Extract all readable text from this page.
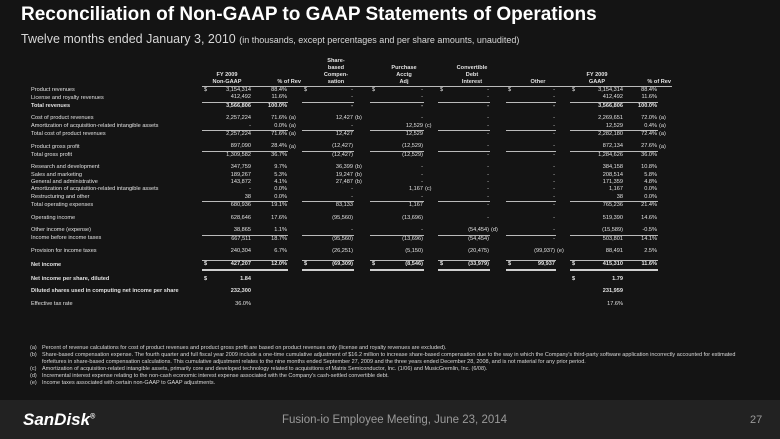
Reconciliation of Non-GAAP to GAAP Statements of Operations
Twelve months ended January 3, 2010 (in thousands, except percentages and per share amounts, unaudited)
					Share-															
					based			Purchase			Convertible									
	FY 2009				Compen-			Acctg			Debt						FY 2009			
	Non-GAAP		% of Rev		sation			Adj			Interest			Other			GAAP		% of Rev	
Product revenues	$	3,154,314	88.4%		$	-		$	-		$	-		$	-		$	3,154,314	88.4%	
License and royalty revenues		412,492	11.6%			-			-			-			-			412,492	11.6%	
Total revenues		3,566,806	100.0%			-			-			-			-			3,566,806	100.0%	

Cost of product revenues		2,257,224	71.6%	(a)		12,427	(b)		-			-			-			2,269,651	72.0%	(a)
Amortization of acquisition-related intangible assets		-	0.0%	(a)		-			12,529	(c)		-			-			12,529	0.4%	(a)
Total cost of product revenues		2,257,224	71.6%	(a)		12,427			12,529			-			-			2,282,180	72.4%	(a)

Product gross profit		897,090	28.4%	(a)		(12,427)			(12,529)			-			-			872,134	27.6%	(a)
Total gross profit		1,309,582	36.7%			(12,427)			(12,529)			-			-			1,284,626	36.0%	

Research and development		347,759	9.7%			36,399	(b)		-			-			-			384,158	10.8%	
Sales and marketing		189,267	5.3%			19,247	(b)		-			-			-			208,514	5.8%	
General and administrative		143,872	4.1%			27,487	(b)		-			-			-			171,359	4.8%	
Amortization of acquisition-related intangible assets		-	0.0%			-			1,167	(c)		-			-			1,167	0.0%	
Restructuring and other		38	0.0%			-			-			-			-			38	0.0%	
Total operating expenses		680,936	19.1%			83,133			1,167			-			-			765,236	21.4%	

Operating income		628,646	17.6%			(95,560)			(13,696)			-			-			519,390	14.6%	

Other income (expense)		38,865	1.1%			-			-			(54,454)	(d)		-			(15,589)	-0.5%	
Income before income taxes		667,511	18.7%			(95,560)			(13,696)			(54,454)			-			503,801	14.1%	

Provision for income taxes		240,304	6.7%			(26,251)			(5,150)			(20,475)			(99,937)	(e)		88,491	2.5%	

Net income	$	427,207	12.0%		$	(69,309)		$	(8,546)		$	(33,979)		$	99,937		$	415,310	11.6%	

Net income per share, diluted	$	1.84															$	1.79		

Diluted shares used in computing net income per share		232,300																231,959		

Effective tax rate		36.0%																17.6%		
(a) Percent of revenue calculations for cost of product revenues and product gross profit are based on product revenues only (license and royalty revenues are excluded).
(b) Share-based compensation expense. The fourth quarter and full fiscal year 2009 include a one-time cumulative adjustment of $16.2 million to increase share-based compensation due to the way in which the Company's third-party software application incorrectly accounted for estimated forfeitures in share-based compensation calculations. This cumulative adjustment relates to the nine months ended September 27, 2009 and the three years ended December 28, 2008, and is not material for any prior period.
(c)	Amortization of acquisition-related intangible assets, primarily core and developed technology related to acquisitions of Matrix Semiconductor, Inc. (1/06) and MusicGremlin, Inc. (6/08).
(d) Incremental interest expense relating to the non-cash economic interest expense associated with the Company's cash-settled convertible debt.
(e) Income taxes associated with certain non-GAAP to GAAP adjustments.
SanDisk®	Fusion-io Employee Meeting, June 23, 2014	27
